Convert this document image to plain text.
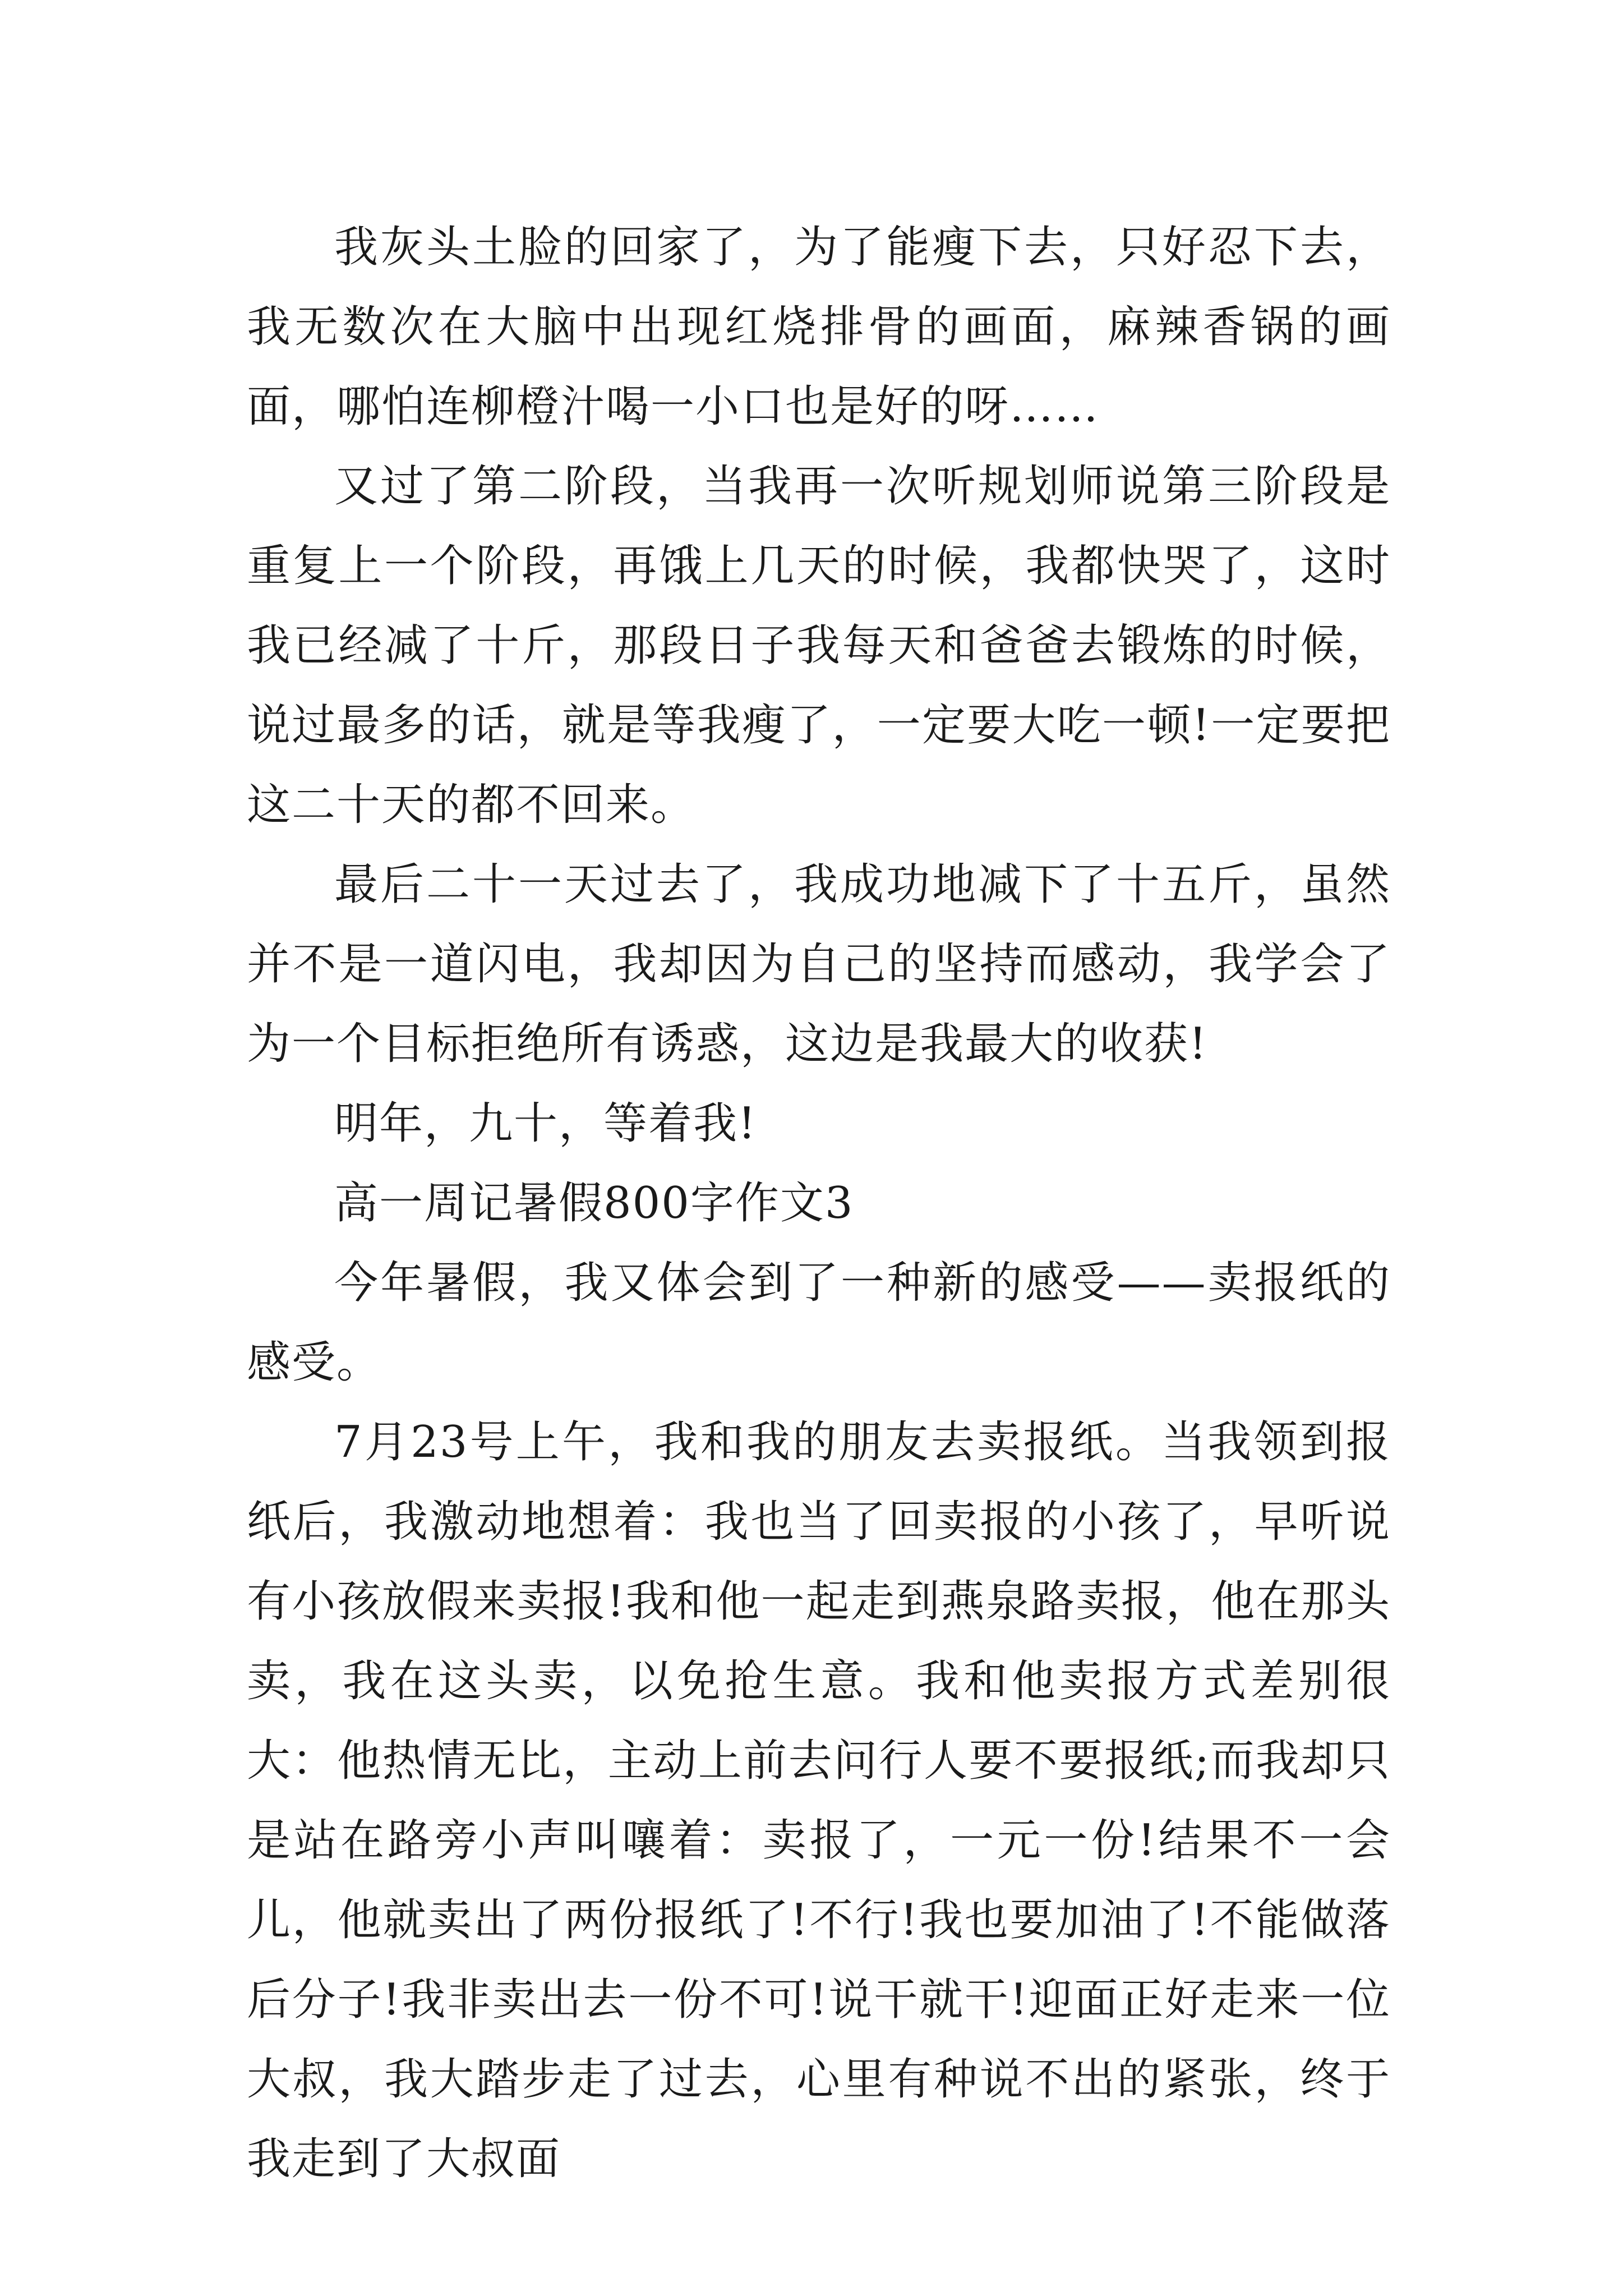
我灰头土脸的回家了，为了能瘦下去，只好忍下去，我无数次在大脑中出现红烧排骨的画面，麻辣香锅的画面，哪怕连柳橙汁喝一小口也是好的呀……

又过了第二阶段，当我再一次听规划师说第三阶段是重复上一个阶段，再饿上几天的时候，我都快哭了，这时我已经减了十斤，那段日子我每天和爸爸去锻炼的时候，说过最多的话，就是等我瘦了，一定要大吃一顿!一定要把这二十天的都不回来。

最后二十一天过去了，我成功地减下了十五斤，虽然并不是一道闪电，我却因为自己的坚持而感动，我学会了为一个目标拒绝所有诱惑，这边是我最大的收获!

明年，九十，等着我!

高一周记暑假800字作文3

今年暑假，我又体会到了一种新的感受——卖报纸的感受。

7月23号上午，我和我的朋友去卖报纸。当我领到报纸后，我激动地想着：我也当了回卖报的小孩了，早听说有小孩放假来卖报!我和他一起走到燕泉路卖报，他在那头卖，我在这头卖，以免抢生意。我和他卖报方式差别很大：他热情无比，主动上前去问行人要不要报纸;而我却只是站在路旁小声叫嚷着：卖报了，一元一份!结果不一会儿，他就卖出了两份报纸了!不行!我也要加油了!不能做落后分子!我非卖出去一份不可!说干就干!迎面正好走来一位大叔，我大踏步走了过去，心里有种说不出的紧张，终于我走到了大叔面
